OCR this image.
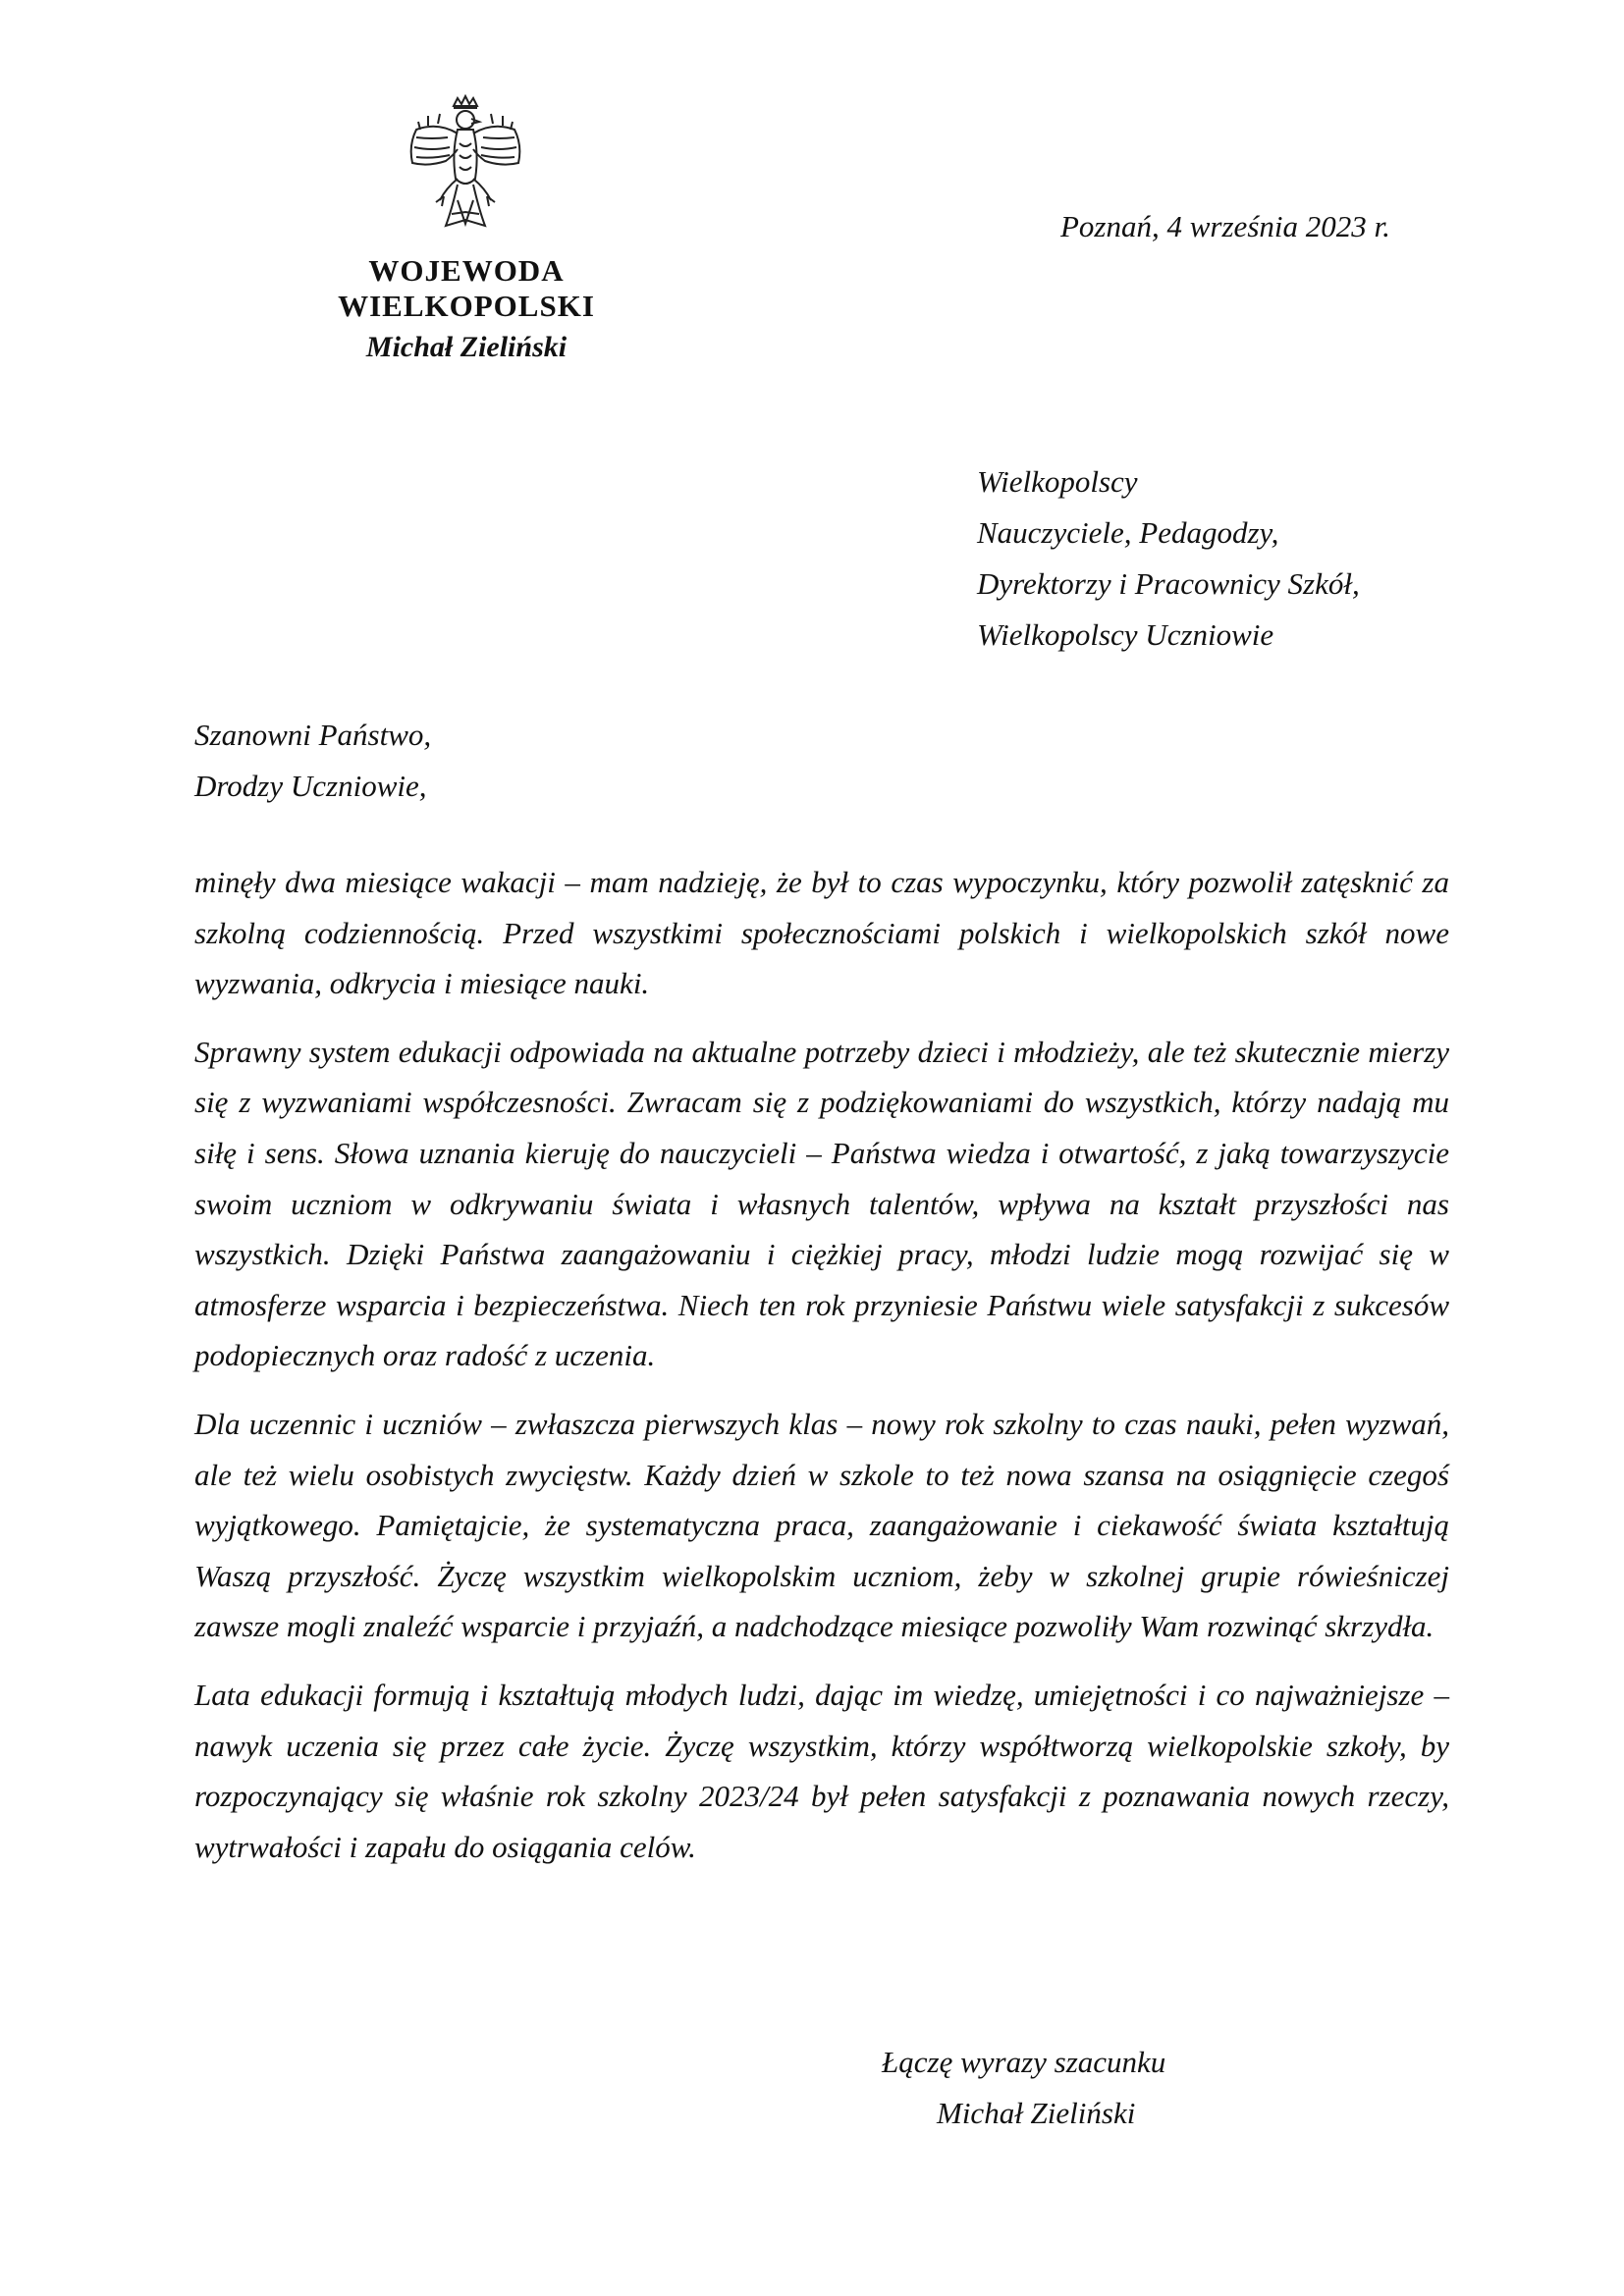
WOJEWODA WIELKOPOLSKI
Michał Zieliński
Poznań, 4 września 2023 r.
Wielkopolscy
Nauczyciele, Pedagodzy,
Dyrektorzy i Pracownicy Szkół,
Wielkopolscy Uczniowie
Szanowni Państwo,
Drodzy Uczniowie,

minęły dwa miesiące wakacji – mam nadzieję, że był to czas wypoczynku, który pozwolił zatęsknić za szkolną codziennością. Przed wszystkimi społecznościami polskich i wielkopolskich szkół nowe wyzwania, odkrycia i miesiące nauki.

Sprawny system edukacji odpowiada na aktualne potrzeby dzieci i młodzieży, ale też skutecznie mierzy się z wyzwaniami współczesności. Zwracam się z podziękowaniami do wszystkich, którzy nadają mu siłę i sens. Słowa uznania kieruję do nauczycieli – Państwa wiedza i otwartość, z jaką towarzyszycie swoim uczniom w odkrywaniu świata i własnych talentów, wpływa na kształt przyszłości nas wszystkich. Dzięki Państwa zaangażowaniu i ciężkiej pracy, młodzi ludzie mogą rozwijać się w atmosferze wsparcia i bezpieczeństwa. Niech ten rok przyniesie Państwu wiele satysfakcji z sukcesów podopiecznych oraz radość z uczenia.

Dla uczennic i uczniów – zwłaszcza pierwszych klas – nowy rok szkolny to czas nauki, pełen wyzwań, ale też wielu osobistych zwycięstw. Każdy dzień w szkole to też nowa szansa na osiągnięcie czegoś wyjątkowego. Pamiętajcie, że systematyczna praca, zaangażowanie i ciekawość świata kształtują Waszą przyszłość. Życzę wszystkim wielkopolskim uczniom, żeby w szkolnej grupie rówieśniczej zawsze mogli znaleźć wsparcie i przyjaźń, a nadchodzące miesiące pozwoliły Wam rozwinąć skrzydła.

Lata edukacji formują i kształtują młodych ludzi, dając im wiedzę, umiejętności i co najważniejsze – nawyk uczenia się przez całe życie. Życzę wszystkim, którzy współtworzą wielkopolskie szkoły, by rozpoczynający się właśnie rok szkolny 2023/24 był pełen satysfakcji z poznawania nowych rzeczy, wytrwałości i zapału do osiągania celów.

Łączę wyrazy szacunku
Michał Zieliński
